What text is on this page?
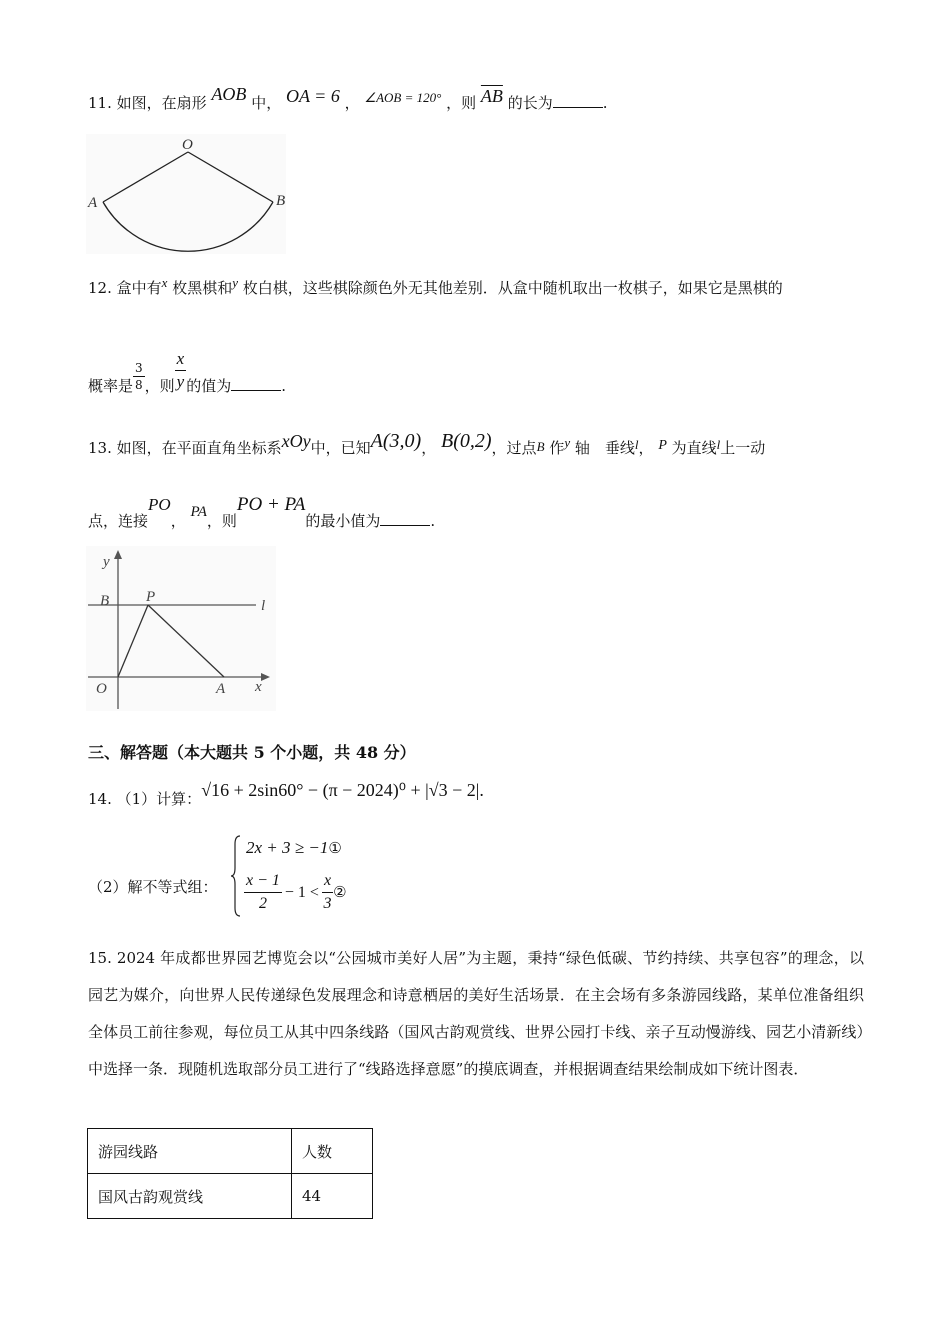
11. 如图，在扇形 AOB 中， OA = 6 ， ∠AOB = 120° ，则 $\overline{AB}$ 的长为	.
O
A	B
12. 盒中有x 枚黑棋和y 枚白棋，这些棋除颜色外无其他差别．从盒中随机取出一枚棋子，如果它是黑棋的
概率是 $\frac{3}{8}$ ，则 $\frac{x}{y}$ 的值为	.
13. 如图，在平面直角坐标系xOy中，已知A(3,0)， B(0,2)，过点B 作y 轴　垂线l， P 为直线l上一动
点，连接PO， PA，则PO + PA的最小值为	.
y
x
B P
l
O	A
三、解答题（本大题共 5 个小题，共 48 分）
14. （1）计算：√16 + 2sin60° − (π − 2024)⁰ + |√3 − 2|.
（2）解不等式组：
2x + 3 ≥ −1①
$\frac{x - 1}{2} - 1 < \frac{x}{3}$ ②
15. 2024 年成都世界园艺博览会以“公园城市美好人居”为主题，秉持“绿色低碳、节约持续、共享包容”的理念，以园艺为媒介，向世界人民传递绿色发展理念和诗意栖居的美好生活场景．在主会场有多条游园线路，某单位准备组织全体员工前往参观，每位员工从其中四条线路（国风古韵观赏线、世界公园打卡线、亲子互动慢游线、园艺小清新线）中选择一条．现随机选取部分员工进行了“线路选择意愿”的摸底调查，并根据调查结果绘制成如下统计图表．
游园线路	人数
国风古韵观赏线	44
